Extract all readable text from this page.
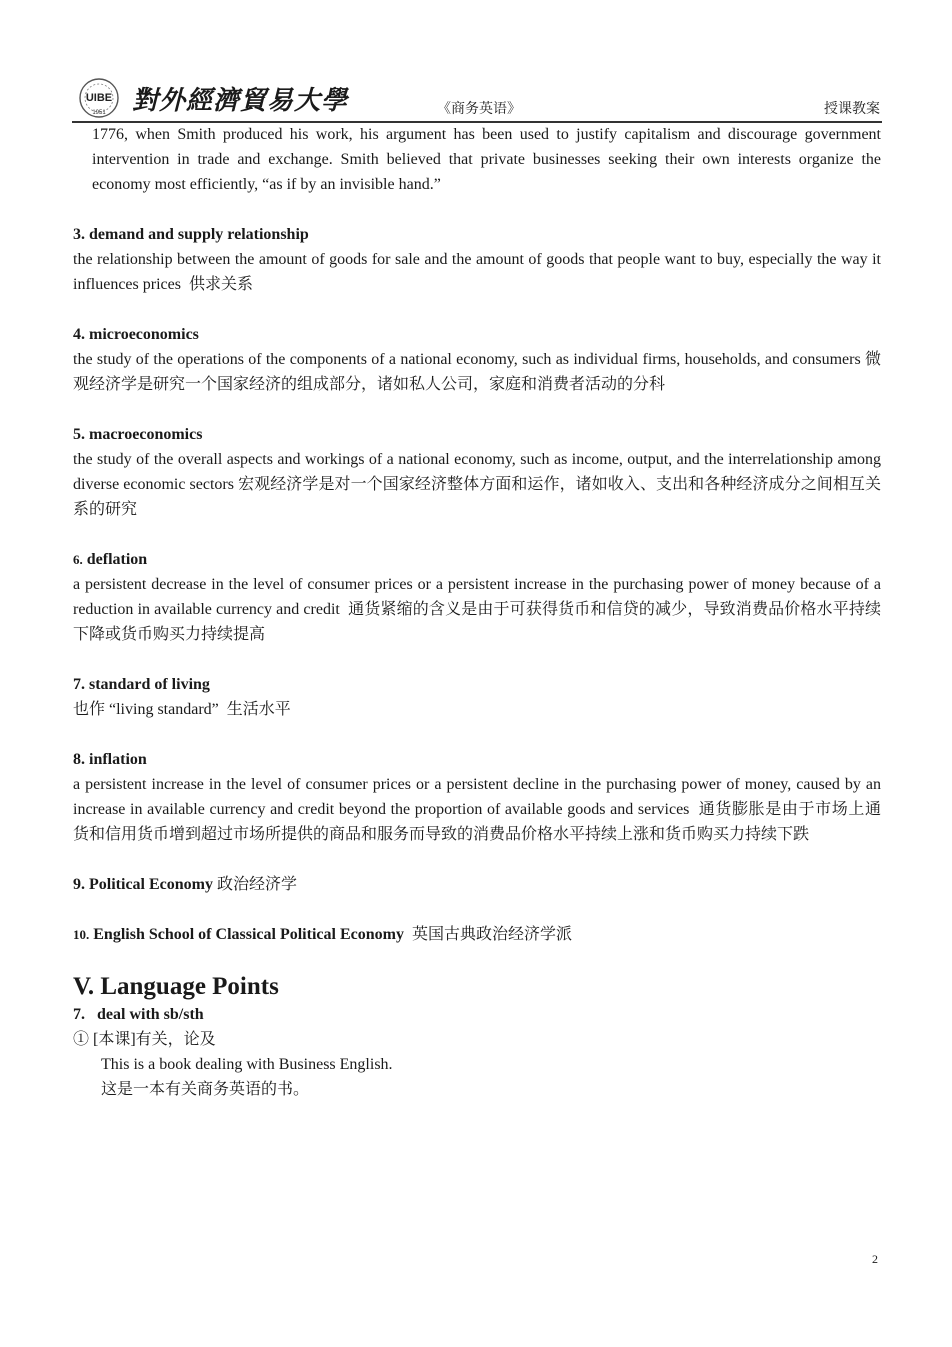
UIBE
1951 對外經濟貿易大學	《商务英语》	授课教案

1776, when Smith produced his work, his argument has been used to justify capitalism and discourage government intervention in trade and exchange. Smith believed that private businesses seeking their own interests organize the economy most efficiently, “as if by an invisible hand.”

3. demand and supply relationship

the relationship between the amount of goods for sale and the amount of goods that people want to buy, especially the way it influences prices 供求关系

4. microeconomics

the study of the operations of the components of a national economy, such as individual firms, households, and consumers 微观经济学是研究一个国家经济的组成部分，诸如私人公司，家庭和消费者活动的分科

5. macroeconomics

the study of the overall aspects and workings of a national economy, such as income, output, and the interrelationship among diverse economic sectors 宏观经济学是对一个国家经济整体方面和运作，诸如收入、支出和各种经济成分之间相互关系的研究

6. deflation

a persistent decrease in the level of consumer prices or a persistent increase in the purchasing power of money because of a reduction in available currency and credit 通货紧缩的含义是由于可获得货币和信贷的减少，导致消费品价格水平持续下降或货币购买力持续提高

7. standard of living

也作 “living standard” 生活水平

8. inflation

a persistent increase in the level of consumer prices or a persistent decline in the purchasing power of money, caused by an increase in available currency and credit beyond the proportion of available goods and services 通货膨胀是由于市场上通货和信用货币增到超过市场所提供的商品和服务而导致的消费品价格水平持续上涨和货币购买力持续下跌

9. Political Economy 政治经济学

10. English School of Classical Political Economy 英国古典政治经济学派

V. Language Points

7. deal with sb/sth

① [本课]有关，论及

This is a book dealing with Business English.

这是一本有关商务英语的书。

2
